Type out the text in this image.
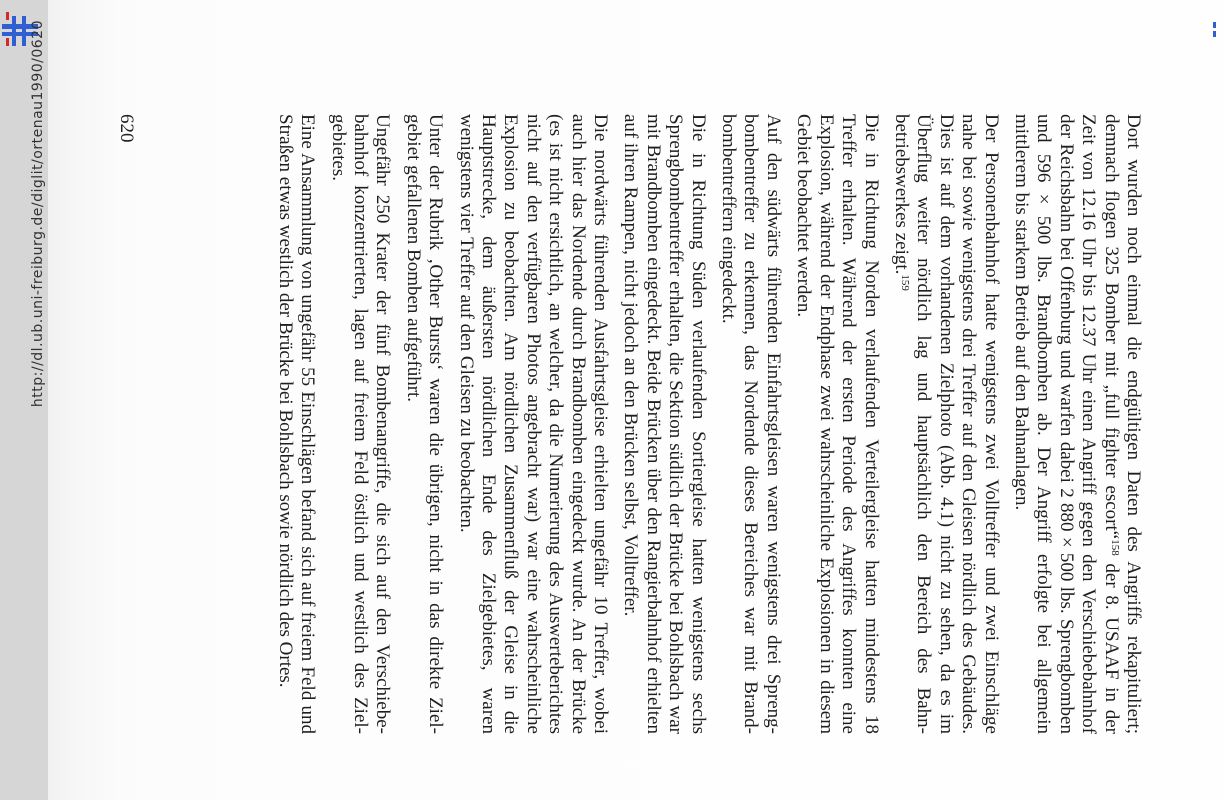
http://dl.ub.uni-freiburg.de/diglit/ortenau1990/0620	Dort wurden noch einmal die endgültigen Daten des Angriffs rekapituliert; demnach flogen 325 Bomber mit „full fighter escort“$^{158}$ der 8. USAAF in der Zeit von 12.16 Uhr bis 12.37 Uhr einen Angriff gegen den Verschiebebahnhof der Reichsbahn bei Offenburg und warfen dabei 2 880 × 500 lbs. Sprengbomben und 596 × 500 lbs. Brandbomben ab. Der Angriff erfolgte bei allgemein mittlerem bis starkem Betrieb auf den Bahnanlagen.

Der Personenbahnhof hatte wenigstens zwei Volltreffer und zwei Einschläge nahe bei sowie wenigstens drei Treffer auf den Gleisen nördlich des Gebäudes. Dies ist auf dem vorhandenen Zielphoto (Abb. 4.1) nicht zu sehen, da es im Überflug weiter nördlich lag und hauptsächlich den Bereich des Bahnbetriebswerkes zeigt.$^{159}$

Die in Richtung Norden verlaufenden Verteilergleise hatten mindestens 18 Treffer erhalten. Während der ersten Periode des Angriffes konnten eine Explosion, während der Endphase zwei wahrscheinliche Explosionen in diesem Gebiet beobachtet werden.

Auf den südwärts führenden Einfahrtsgleisen waren wenigstens drei Sprengbombentreffer zu erkennen, das Nordende dieses Bereiches war mit Brandbombentreffern eingedeckt.

Die in Richtung Süden verlaufenden Sortiergleise hatten wenigstens sechs Sprengbombentreffer erhalten, die Sektion südlich der Brücke bei Bohlsbach war mit Brandbomben eingedeckt. Beide Brücken über den Rangierbahnhof erhielten auf ihren Rampen, nicht jedoch an den Brücken selbst, Volltreffer.

Die nordwärts führenden Ausfahrtsgleise erhielten ungefähr 10 Treffer, wobei auch hier das Nordende durch Brandbomben eingedeckt wurde. An der Brücke (es ist nicht ersichtlich, an welcher, da die Numerierung des Auswerteberichtes nicht auf den verfügbaren Photos angebracht war) war eine wahrscheinliche Explosion zu beobachten. Am nördlichen Zusammenfluß der Gleise in die Hauptstrecke, dem äußersten nördlichen Ende des Zielgebietes, waren wenigstens vier Treffer auf den Gleisen zu beobachten.

Unter der Rubrik ‚Other Bursts‘ waren die übrigen, nicht in das direkte Zielgebiet gefallenen Bomben aufgeführt.

Ungefähr 250 Krater der fünf Bombenangriffe, die sich auf den Verschiebebahnhof konzentrierten, lagen auf freiem Feld östlich und westlich des Zielgebietes.

Eine Ansammlung von ungefähr 55 Einschlägen befand sich auf freiem Feld und Straßen etwas westlich der Brücke bei Bohlsbach sowie nördlich des Ortes.

620
